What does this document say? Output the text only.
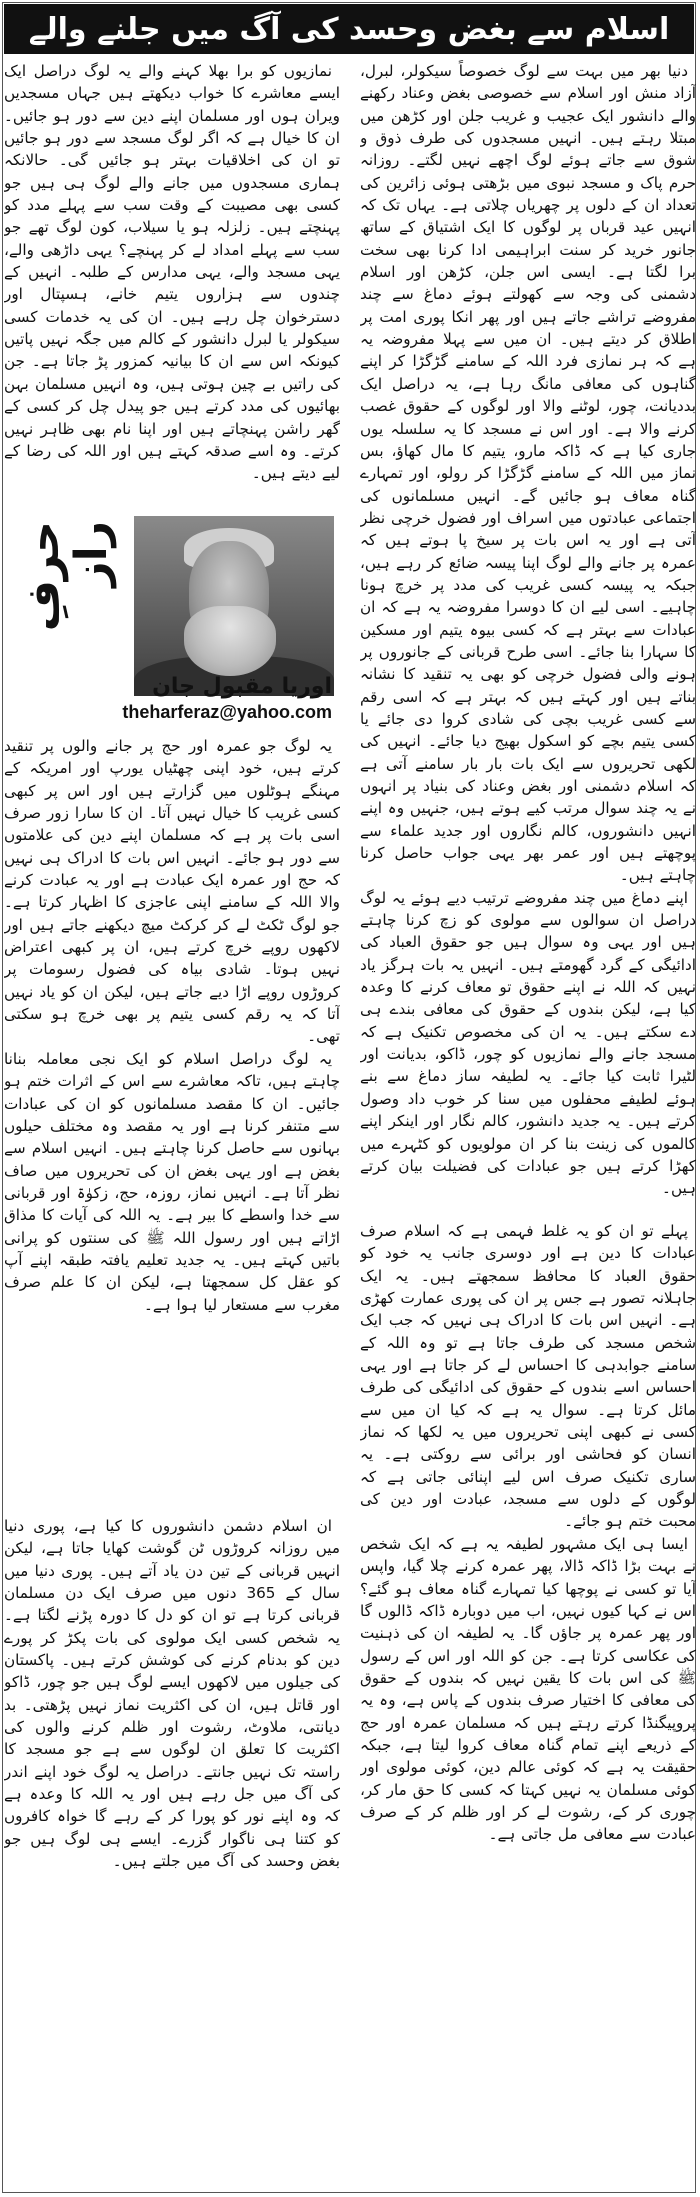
اسلام سے بغض وحسد کی آگ میں جلنے والے

دنیا بھر میں بہت سے لوگ خصوصاً سیکولر، لبرل، آزاد منش اور اسلام سے خصوصی بغض وعناد رکھنے والے دانشور ایک عجیب و غریب جلن اور کڑھن میں مبتلا رہتے ہیں۔ انہیں مسجدوں کی طرف ذوق و شوق سے جاتے ہوئے لوگ اچھے نہیں لگتے۔ روزانہ حرم پاک و مسجد نبوی میں بڑھتی ہوئی زائرین کی تعداد ان کے دلوں پر چھریاں چلاتی ہے۔ یہاں تک کہ انہیں عید قرباں پر لوگوں کا ایک اشتیاق کے ساتھ جانور خرید کر سنت ابراہیمی ادا کرنا بھی سخت برا لگتا ہے۔ ایسی اس جلن، کڑھن اور اسلام دشمنی کی وجہ سے کھولتے ہوئے دماغ سے چند مفروضے تراشے جاتے ہیں اور پھر انکا پوری امت پر اطلاق کر دیتے ہیں۔ ان میں سے پہلا مفروضہ یہ ہے کہ ہر نمازی فرد اللہ کے سامنے گڑگڑا کر اپنے گناہوں کی معافی مانگ رہا ہے، یہ دراصل ایک بددیانت، چور، لوٹنے والا اور لوگوں کے حقوق غصب کرنے والا ہے۔ اور اس نے مسجد کا یہ سلسلہ یوں جاری کیا ہے کہ ڈاکہ مارو، یتیم کا مال کھاؤ، بس نماز میں اللہ کے سامنے گڑگڑا کر رولو، اور تمہارے گناہ معاف ہو جائیں گے۔ انہیں مسلمانوں کی اجتماعی عبادتوں میں اسراف اور فضول خرچی نظر آتی ہے اور یہ اس بات پر سیخ پا ہوتے ہیں کہ عمرہ پر جانے والے لوگ اپنا پیسہ ضائع کر رہے ہیں، جبکہ یہ پیسہ کسی غریب کی مدد پر خرچ ہونا چاہیے۔ اسی لیے ان کا دوسرا مفروضہ یہ ہے کہ ان عبادات سے بہتر ہے کہ کسی بیوہ یتیم اور مسکین کا سہارا بنا جائے۔ اسی طرح قربانی کے جانوروں پر ہونے والی فضول خرچی کو بھی یہ تنقید کا نشانہ بناتے ہیں اور کہتے ہیں کہ بہتر ہے کہ اسی رقم سے کسی غریب بچی کی شادی کروا دی جائے یا کسی یتیم بچے کو اسکول بھیج دیا جائے۔ انہیں کی لکھی تحریروں سے ایک بات بار بار سامنے آتی ہے کہ اسلام دشمنی اور بغض وعناد کی بنیاد پر انہوں نے یہ چند سوال مرتب کیے ہوتے ہیں، جنہیں وہ اپنے انہیں دانشوروں، کالم نگاروں اور جدید علماء سے پوچھتے ہیں اور عمر بھر یہی جواب حاصل کرنا چاہتے ہیں۔

اپنے دماغ میں چند مفروضے ترتیب دیے ہوئے یہ لوگ دراصل ان سوالوں سے مولوی کو زچ کرنا چاہتے ہیں اور یہی وہ سوال ہیں جو حقوق العباد کی ادائیگی کے گرد گھومتے ہیں۔ انہیں یہ بات ہرگز یاد نہیں کہ اللہ نے اپنے حقوق تو معاف کرنے کا وعدہ کیا ہے، لیکن بندوں کے حقوق کی معافی بندے ہی دے سکتے ہیں۔ یہ ان کی مخصوص تکنیک ہے کہ مسجد جانے والے نمازیوں کو چور، ڈاکو، بدیانت اور لٹیرا ثابت کیا جائے۔ یہ لطیفہ ساز دماغ سے بنے ہوئے لطیفے محفلوں میں سنا کر خوب داد وصول کرتے ہیں۔ یہ جدید دانشور، کالم نگار اور اینکر اپنے کالموں کی زینت بنا کر ان مولویوں کو کٹہرے میں کھڑا کرتے ہیں جو عبادات کی فضیلت بیان کرتے ہیں۔

پہلے تو ان کو یہ غلط فہمی ہے کہ اسلام صرف عبادات کا دین ہے اور دوسری جانب یہ خود کو حقوق العباد کا محافظ سمجھتے ہیں۔ یہ ایک جاہلانہ تصور ہے جس پر ان کی پوری عمارت کھڑی ہے۔ انہیں اس بات کا ادراک ہی نہیں کہ جب ایک شخص مسجد کی طرف جاتا ہے تو وہ اللہ کے سامنے جوابدہی کا احساس لے کر جاتا ہے اور یہی احساس اسے بندوں کے حقوق کی ادائیگی کی طرف مائل کرتا ہے۔ سوال یہ ہے کہ کیا ان میں سے کسی نے کبھی اپنی تحریروں میں یہ لکھا کہ نماز انسان کو فحاشی اور برائی سے روکتی ہے۔ یہ ساری تکنیک صرف اس لیے اپنائی جاتی ہے کہ لوگوں کے دلوں سے مسجد، عبادت اور دین کی محبت ختم ہو جائے۔

ایسا ہی ایک مشہور لطیفہ یہ ہے کہ ایک شخص نے بہت بڑا ڈاکہ ڈالا، پھر عمرہ کرنے چلا گیا، واپس آیا تو کسی نے پوچھا کیا تمہارے گناہ معاف ہو گئے؟ اس نے کہا کیوں نہیں، اب میں دوبارہ ڈاکہ ڈالوں گا اور پھر عمرہ پر جاؤں گا۔ یہ لطیفہ ان کی ذہنیت کی عکاسی کرتا ہے۔ جن کو اللہ اور اس کے رسول ﷺ کی اس بات کا یقین نہیں کہ بندوں کے حقوق کی معافی کا اختیار صرف بندوں کے پاس ہے، وہ یہ پروپیگنڈا کرتے رہتے ہیں کہ مسلمان عمرہ اور حج کے ذریعے اپنے تمام گناہ معاف کروا لیتا ہے، جبکہ حقیقت یہ ہے کہ کوئی عالم دین، کوئی مولوی اور کوئی مسلمان یہ نہیں کہتا کہ کسی کا حق مار کر، چوری کر کے، رشوت لے کر اور ظلم کر کے صرف عبادت سے معافی مل جاتی ہے۔

نمازیوں کو برا بھلا کہنے والے یہ لوگ دراصل ایک ایسے معاشرے کا خواب دیکھتے ہیں جہاں مسجدیں ویران ہوں اور مسلمان اپنے دین سے دور ہو جائیں۔ ان کا خیال ہے کہ اگر لوگ مسجد سے دور ہو جائیں تو ان کی اخلاقیات بہتر ہو جائیں گی۔ حالانکہ ہماری مسجدوں میں جانے والے لوگ ہی ہیں جو کسی بھی مصیبت کے وقت سب سے پہلے مدد کو پہنچتے ہیں۔ زلزلہ ہو یا سیلاب، کون لوگ تھے جو سب سے پہلے امداد لے کر پہنچے؟ یہی داڑھی والے، یہی مسجد والے، یہی مدارس کے طلبہ۔ انہیں کے چندوں سے ہزاروں یتیم خانے، ہسپتال اور دسترخوان چل رہے ہیں۔ ان کی یہ خدمات کسی سیکولر یا لبرل دانشور کے کالم میں جگہ نہیں پاتیں کیونکہ اس سے ان کا بیانیہ کمزور پڑ جاتا ہے۔ جن کی راتیں بے چین ہوتی ہیں، وہ انہیں مسلمان بہن بھائیوں کی مدد کرتے ہیں جو پیدل چل کر کسی کے گھر راشن پہنچاتے ہیں اور اپنا نام بھی ظاہر نہیں کرتے۔ وہ اسے صدقہ کہتے ہیں اور اللہ کی رضا کے لیے دیتے ہیں۔

یہ لوگ جو عمرہ اور حج پر جانے والوں پر تنقید کرتے ہیں، خود اپنی چھٹیاں یورپ اور امریکہ کے مہنگے ہوٹلوں میں گزارتے ہیں اور اس پر کبھی کسی غریب کا خیال نہیں آتا۔ ان کا سارا زور صرف اسی بات پر ہے کہ مسلمان اپنے دین کی علامتوں سے دور ہو جائے۔ انہیں اس بات کا ادراک ہی نہیں کہ حج اور عمرہ ایک عبادت ہے اور یہ عبادت کرنے والا اللہ کے سامنے اپنی عاجزی کا اظہار کرتا ہے۔ جو لوگ ٹکٹ لے کر کرکٹ میچ دیکھنے جاتے ہیں اور لاکھوں روپے خرچ کرتے ہیں، ان پر کبھی اعتراض نہیں ہوتا۔ شادی بیاہ کی فضول رسومات پر کروڑوں روپے اڑا دیے جاتے ہیں، لیکن ان کو یاد نہیں آتا کہ یہ رقم کسی یتیم پر بھی خرچ ہو سکتی تھی۔

یہ لوگ دراصل اسلام کو ایک نجی معاملہ بنانا چاہتے ہیں، تاکہ معاشرے سے اس کے اثرات ختم ہو جائیں۔ ان کا مقصد مسلمانوں کو ان کی عبادات سے متنفر کرنا ہے اور یہ مقصد وہ مختلف حیلوں بہانوں سے حاصل کرنا چاہتے ہیں۔ انہیں اسلام سے بغض ہے اور یہی بغض ان کی تحریروں میں صاف نظر آتا ہے۔ انہیں نماز، روزہ، حج، زکوٰۃ اور قربانی سے خدا واسطے کا بیر ہے۔ یہ اللہ کی آیات کا مذاق اڑاتے ہیں اور رسول اللہ ﷺ کی سنتوں کو پرانی باتیں کہتے ہیں۔ یہ جدید تعلیم یافتہ طبقہ اپنے آپ کو عقل کل سمجھتا ہے، لیکن ان کا علم صرف مغرب سے مستعار لیا ہوا ہے۔

ان اسلام دشمن دانشوروں کا کیا ہے، پوری دنیا میں روزانہ کروڑوں ٹن گوشت کھایا جاتا ہے، لیکن انہیں قربانی کے تین دن یاد آتے ہیں۔ پوری دنیا میں سال کے 365 دنوں میں صرف ایک دن مسلمان قربانی کرتا ہے تو ان کو دل کا دورہ پڑنے لگتا ہے۔ یہ شخص کسی ایک مولوی کی بات پکڑ کر پورے دین کو بدنام کرنے کی کوشش کرتے ہیں۔ پاکستان کی جیلوں میں لاکھوں ایسے لوگ ہیں جو چور، ڈاکو اور قاتل ہیں، ان کی اکثریت نماز نہیں پڑھتی۔ بد دیانتی، ملاوٹ، رشوت اور ظلم کرنے والوں کی اکثریت کا تعلق ان لوگوں سے ہے جو مسجد کا راستہ تک نہیں جانتے۔ دراصل یہ لوگ خود اپنے اندر کی آگ میں جل رہے ہیں اور یہ اللہ کا وعدہ ہے کہ وہ اپنے نور کو پورا کر کے رہے گا خواہ کافروں کو کتنا ہی ناگوار گزرے۔ ایسے ہی لوگ ہیں جو بغض وحسد کی آگ میں جلتے ہیں۔

حرفِ راز
اوریا مقبول جان
theharferaz@yahoo.com
